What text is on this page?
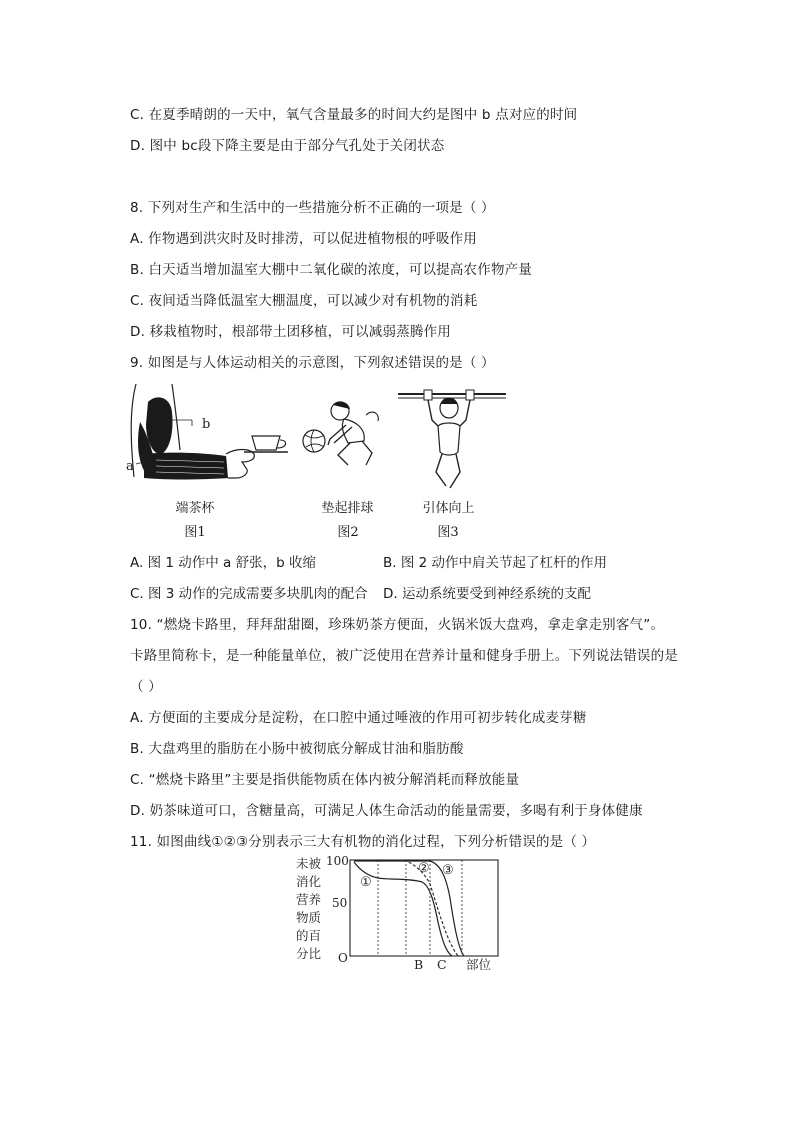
C. 在夏季晴朗的一天中，氧气含量最多的时间大约是图中 b 点对应的时间
D. 图中 bc段下降主要是由于部分气孔处于关闭状态
8. 下列对生产和生活中的一些措施分析不正确的一项是（ ）
A. 作物遇到洪灾时及时排涝，可以促进植物根的呼吸作用
B. 白天适当增加温室大棚中二氧化碳的浓度，可以提高农作物产量
C. 夜间适当降低温室大棚温度，可以减少对有机物的消耗
D. 移栽植物时，根部带土团移植，可以减弱蒸腾作用
9. 如图是与人体运动相关的示意图，下列叙述错误的是（ ）
b
a
端茶杯
图1
垫起排球
图2
引体向上
图3
A. 图 1 动作中 a 舒张，b 收缩	B. 图 2 动作中肩关节起了杠杆的作用
C. 图 3 动作的完成需要多块肌肉的配合 D. 运动系统要受到神经系统的支配
10. “燃烧卡路里，拜拜甜甜圈，珍珠奶茶方便面，火锅米饭大盘鸡，拿走拿走别客气”。
卡路里简称卡，是一种能量单位，被广泛使用在营养计量和健身手册上。下列说法错误的是
（ ）
A. 方便面的主要成分是淀粉，在口腔中通过唾液的作用可初步转化成麦芽糖
B. 大盘鸡里的脂肪在小肠中被彻底分解成甘油和脂肪酸
C. “燃烧卡路里”主要是指供能物质在体内被分解消耗而释放能量
D. 奶茶味道可口，含糖量高，可满足人体生命活动的能量需要，多喝有利于身体健康
11. 如图曲线①②③分别表示三大有机物的消化过程，下列分析错误的是（ ）
未被
消化
营养
物质
的百
分比
100
50
O
①
② ③
B C 部位
